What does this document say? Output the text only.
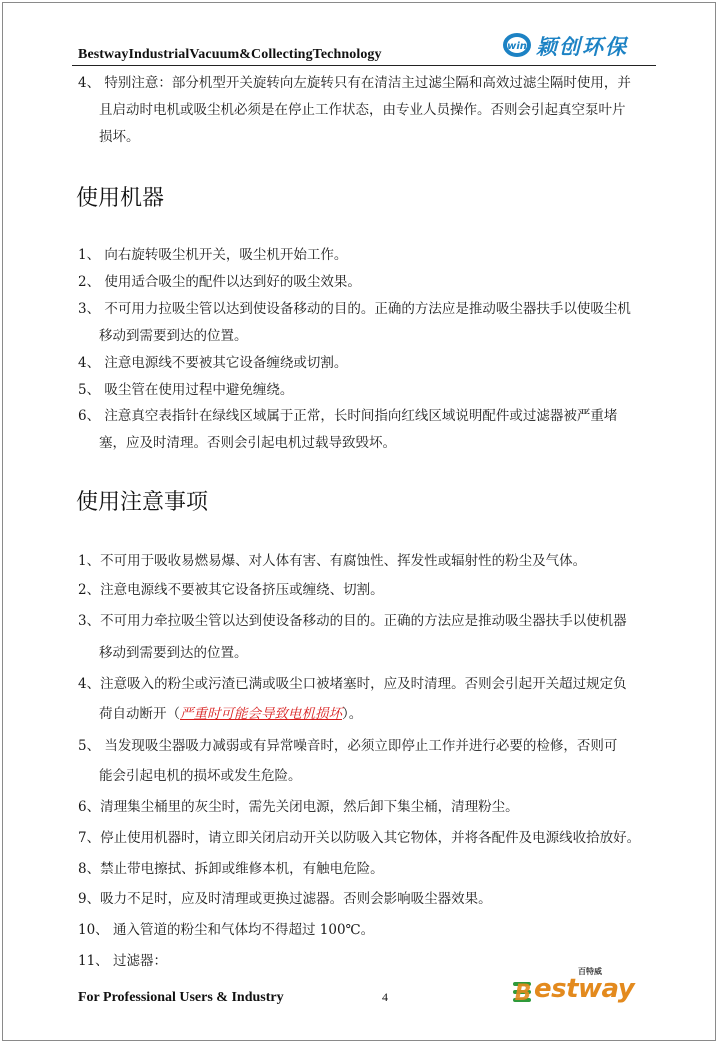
BestwayIndustrialVacuum&CollectingTechnology
win 颖创环保
4、 特别注意：部分机型开关旋转向左旋转只有在清洁主过滤尘隔和高效过滤尘隔时使用，并
且启动时电机或吸尘机必须是在停止工作状态，由专业人员操作。否则会引起真空泵叶片
损坏。
使用机器
1、 向右旋转吸尘机开关，吸尘机开始工作。
2、 使用适合吸尘的配件以达到好的吸尘效果。
3、 不可用力拉吸尘管以达到使设备移动的目的。正确的方法应是推动吸尘器扶手以使吸尘机
移动到需要到达的位置。
4、 注意电源线不要被其它设备缠绕或切割。
5、 吸尘管在使用过程中避免缠绕。
6、 注意真空表指针在绿线区域属于正常，长时间指向红线区域说明配件或过滤器被严重堵
塞，应及时清理。否则会引起电机过载导致毁坏。
使用注意事项
1、不可用于吸收易燃易爆、对人体有害、有腐蚀性、挥发性或辐射性的粉尘及气体。
2、注意电源线不要被其它设备挤压或缠绕、切割。
3、不可用力牵拉吸尘管以达到使设备移动的目的。正确的方法应是推动吸尘器扶手以使机器
移动到需要到达的位置。
4、注意吸入的粉尘或污渣已满或吸尘口被堵塞时，应及时清理。否则会引起开关超过规定负
荷自动断开（严重时可能会导致电机损坏）。
5、 当发现吸尘器吸力减弱或有异常噪音时，必须立即停止工作并进行必要的检修，否则可
能会引起电机的损坏或发生危险。
6、清理集尘桶里的灰尘时，需先关闭电源，然后卸下集尘桶，清理粉尘。
7、停止使用机器时，请立即关闭启动开关以防吸入其它物体，并将各配件及电源线收拾放好。
8、禁止带电擦拭、拆卸或维修本机，有触电危险。
9、吸力不足时，应及时清理或更换过滤器。否则会影响吸尘器效果。
10、 通入管道的粉尘和气体均不得超过 100℃。
11、 过滤器：
For Professional Users & Industry	4
百特威
B estway
